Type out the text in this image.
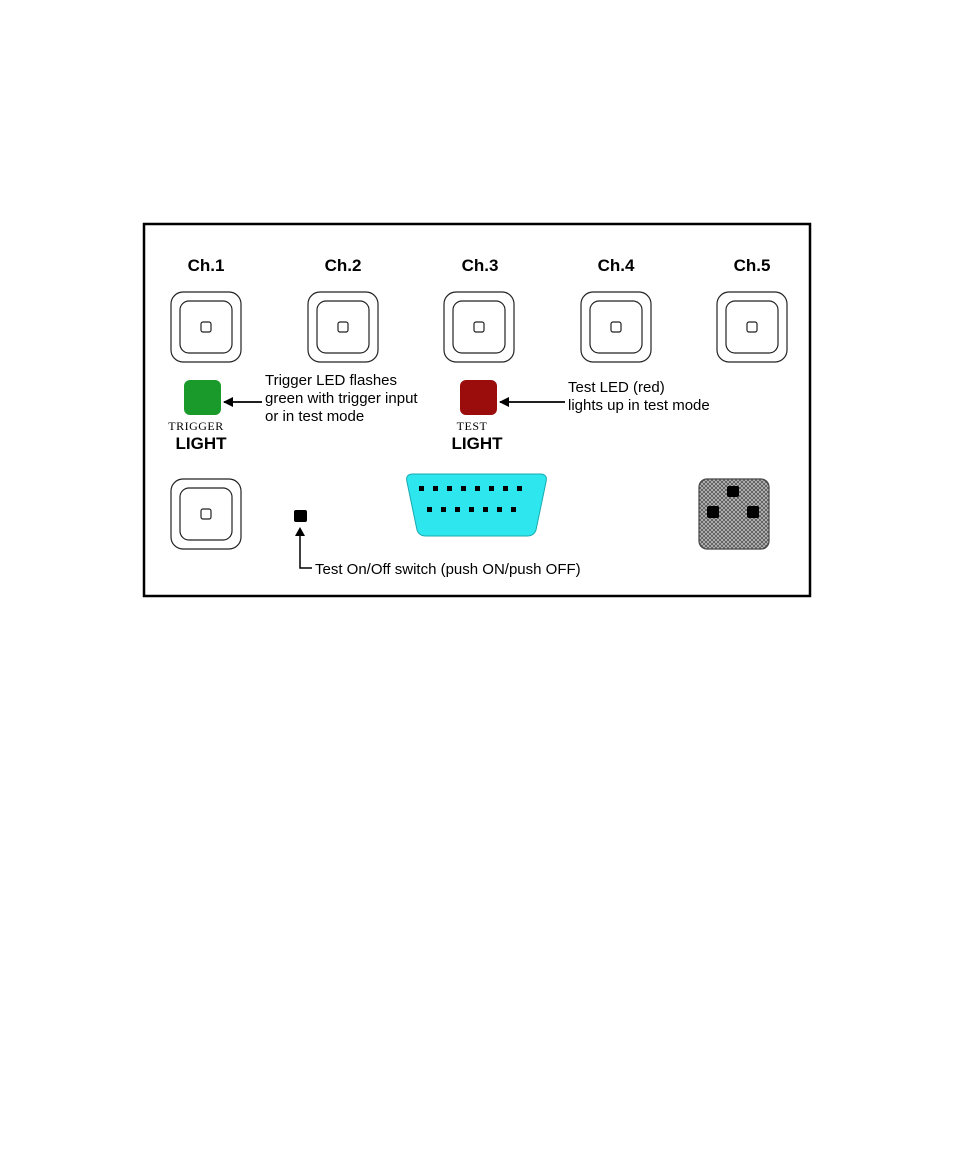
Ch.1	Ch.2	Ch.3	Ch.4	Ch.5
TRIGGER
LIGHT
Trigger LED flashes
green with trigger input
or in test mode
TEST
LIGHT
Test LED (red)
lights up in test mode
Test On/Off switch (push ON/push OFF)
